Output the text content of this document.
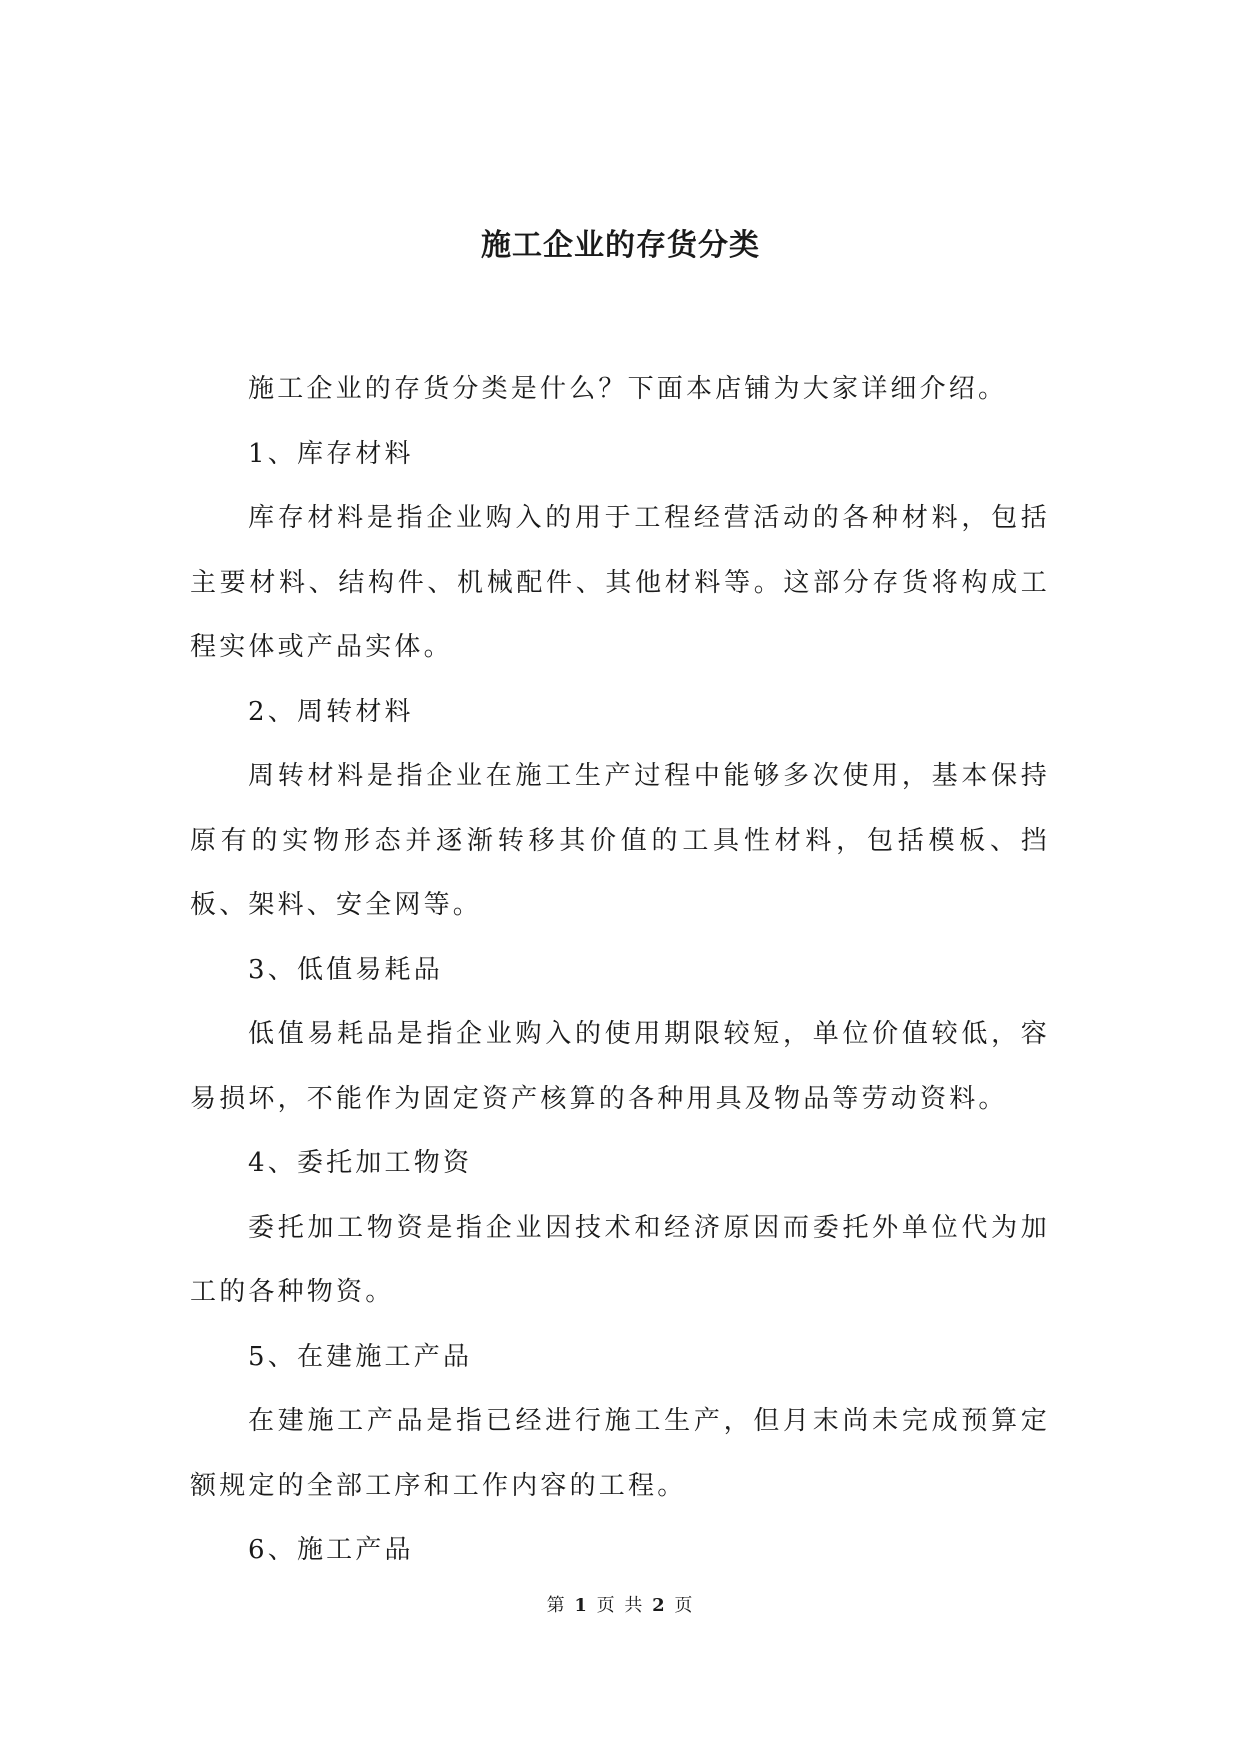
施工企业的存货分类

施工企业的存货分类是什么？下面本店铺为大家详细介绍。

1、库存材料

库存材料是指企业购入的用于工程经营活动的各种材料，包括主要材料、结构件、机械配件、其他材料等。这部分存货将构成工程实体或产品实体。

2、周转材料

周转材料是指企业在施工生产过程中能够多次使用，基本保持原有的实物形态并逐渐转移其价值的工具性材料，包括模板、挡板、架料、安全网等。

3、低值易耗品

低值易耗品是指企业购入的使用期限较短，单位价值较低，容易损坏，不能作为固定资产核算的各种用具及物品等劳动资料。

4、委托加工物资

委托加工物资是指企业因技术和经济原因而委托外单位代为加工的各种物资。

5、在建施工产品

在建施工产品是指已经进行施工生产，但月末尚未完成预算定额规定的全部工序和工作内容的工程。

6、施工产品

第 1 页 共 2 页
